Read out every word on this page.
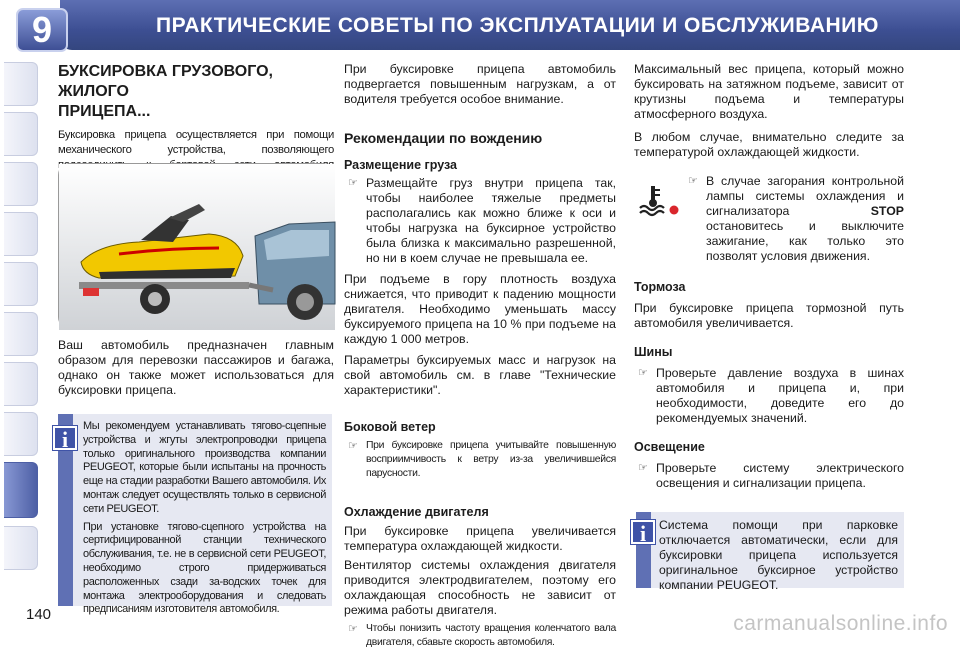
ПРАКТИЧЕСКИЕ СОВЕТЫ ПО ЭКСПЛУАТАЦИИ И ОБСЛУЖИВАНИЮ
9
БУКСИРОВКА ГРУЗОВОГО, ЖИЛОГО
ПРИЦЕПА...

Буксировка прицепа осуществляется при помощи механического устройства, позволяющего

Ваш автомобиль предназначен главным образом для перевозки пассажиров и багажа, однако он также может использоваться для буксировки прицепа.
i

Мы рекомендуем устанавливать тягово-сцепные устройства и жгуты электропроводки прицепа только оригинального производства компании PEUGEOT, которые были испытаны на прочность еще на стадии разработки Вашего автомобиля. Их монтаж следует осуществлять только в сервисной сети PEUGEOT.

При установке тягово-сцепного устройства на сертифицированной станции технического обслуживания, т.е. не в сервисной сети PEUGEOT, необходимо строго придерживаться расположенных сзади за-водских точек для монтажа электрооборудования и следовать предписаниям изготовителя автомобиля.

При буксировке прицепа автомобиль подвергается повышенным нагрузкам, а от водителя требуется особое внимание.

Рекомендации по вождению
Размещение груза
☞ Размещайте груз внутри прицепа так, чтобы наиболее тяжелые предметы располагались как можно ближе к оси и чтобы нагрузка на буксирное устройство была близка к максимально разрешенной, но ни в коем случае не превышала ее.

При подъеме в гору плотность воздуха снижается, что приводит к падению мощности двигателя. Необходимо уменьшать массу буксируемого прицепа на 10 % при подъеме на каждую 1 000 метров.

Параметры буксируемых масс и нагрузок на свой автомобиль см. в главе "Технические характеристики".

Боковой ветер
☞ При буксировке прицепа учитывайте повышенную восприимчивость к ветру из-за увеличившейся парусности.
Охлаждение двигателя

При буксировке прицепа увеличивается температура охлаждающей жидкости.

Вентилятор системы охлаждения двигателя приводится электродвигателем, поэтому его охлаждающая способность не зависит от режима работы двигателя.

☞ Чтобы понизить частоту вращения коленчатого вала двигателя, сбавьте скорость автомобиля.

Максимальный вес прицепа, который можно буксировать на затяжном подъеме, зависит от крутизны подъема и температуры атмосферного воздуха.

В любом случае, внимательно следите за температурой охлаждающей жидкости.

☞ В случае загорания контрольной лампы системы охлаждения и сигнализатора STOP остановитесь и выключите зажигание, как только это позволят условия движения.
Тормоза

При буксировке прицепа тормозной путь автомобиля увеличивается.

Шины
☞ Проверьте давление воздуха в шинах автомобиля и прицепа и, при необходимости, доведите его до рекомендуемых значений.
Освещение
☞ Проверьте систему электрического освещения и сигнализации прицепа.
i	Система помощи при парковке отключается автоматически, если для буксировки прицепа используется оригинальное буксирное устройство компании PEUGEOT.
140	carmanualsonline.info
